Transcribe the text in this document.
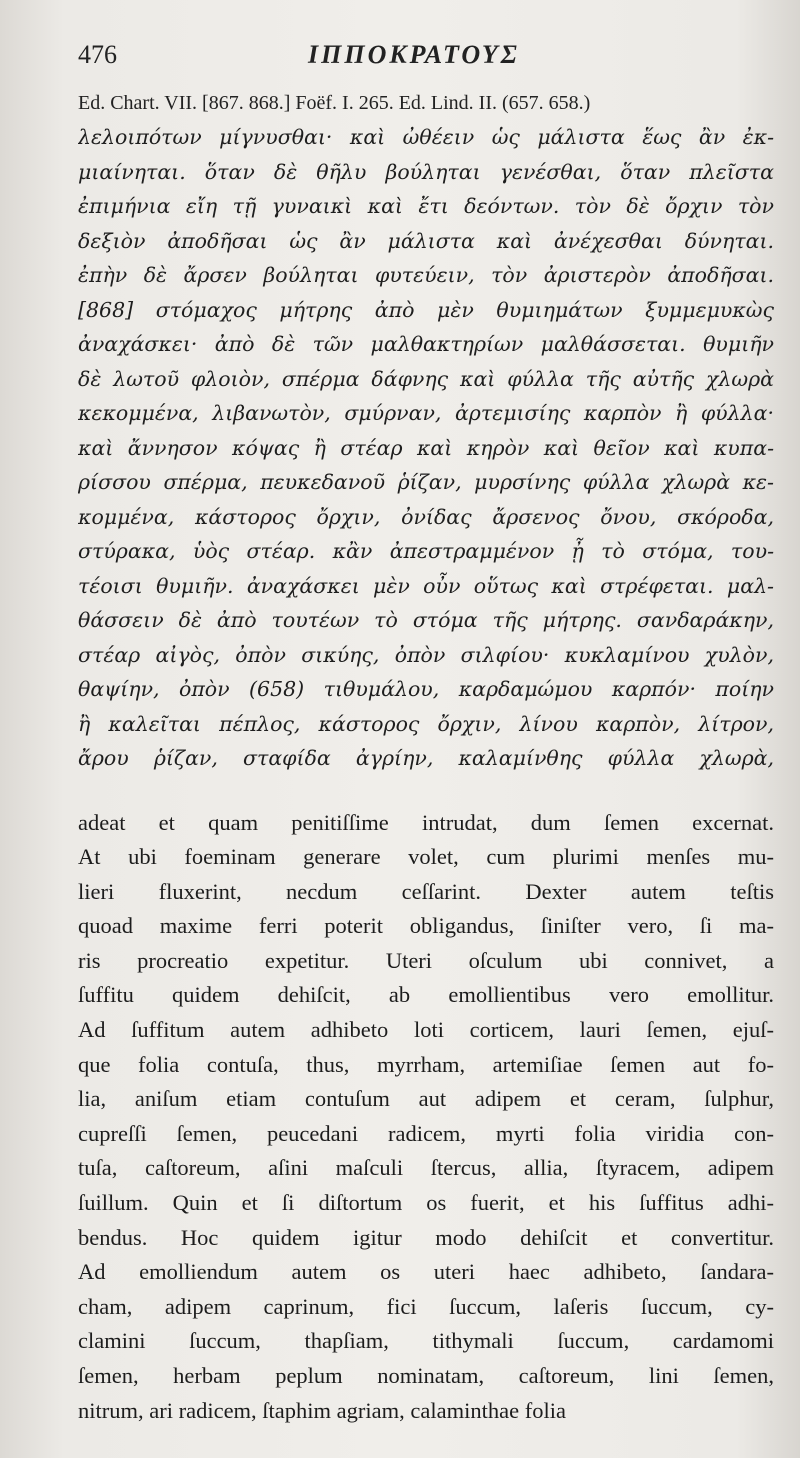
476	ΙΠΠΟΚΡΑΤΟΥΣ
Ed. Chart. VII. [867. 868.] Foëf. I. 265. Ed. Lind. II. (657. 658.)
λελοιπότων μίγνυσθαι· καὶ ὠθέειν ὡς μάλιστα ἕως ἂν ἐκ-
μιαίνηται. ὅταν δὲ θῆλυ βούληται γενέσθαι, ὅταν πλεῖστα
ἐπιμήνια εἴη τῇ γυναικὶ καὶ ἔτι δεόντων. τὸν δὲ ὄρχιν τὸν
δεξιὸν ἀποδῆσαι ὡς ἂν μάλιστα καὶ ἀνέχεσθαι δύνηται.
ἐπὴν δὲ ἄρσεν βούληται φυτεύειν, τὸν ἀριστερὸν ἀποδῆσαι.
[868] στόμαχος μήτρης ἀπὸ μὲν θυμιημάτων ξυμμεμυκὼς
ἀναχάσκει· ἀπὸ δὲ τῶν μαλθακτηρίων μαλθάσσεται. θυμιῆν
δὲ λωτοῦ φλοιὸν, σπέρμα δάφνης καὶ φύλλα τῆς αὐτῆς χλωρὰ
κεκομμένα, λιβανωτὸν, σμύρναν, ἀρτεμισίης καρπὸν ἢ φύλλα·
καὶ ἄννησον κόψας ἢ στέαρ καὶ κηρὸν καὶ θεῖον καὶ κυπα-
ρίσσου σπέρμα, πευκεδανοῦ ῥίζαν, μυρσίνης φύλλα χλωρὰ κε-
κομμένα, κάστορος ὄρχιν, ὀνίδας ἄρσενος ὄνου, σκόροδα,
στύρακα, ὑὸς στέαρ. κἂν ἀπεστραμμένον ᾖ τὸ στόμα, του-
τέοισι θυμιῆν. ἀναχάσκει μὲν οὖν οὕτως καὶ στρέφεται. μαλ-
θάσσειν δὲ ἀπὸ τουτέων τὸ στόμα τῆς μήτρης. σανδαράκην,
στέαρ αἰγὸς, ὀπὸν σικύης, ὀπὸν σιλφίου· κυκλαμίνου χυλὸν,
θαψίην, ὀπὸν (658) τιθυμάλου, καρδαμώμου καρπόν· ποίην
ἢ καλεῖται πέπλος, κάστορος ὄρχιν, λίνου καρπὸν, λίτρον,
ἄρου ῥίζαν, σταφίδα ἀγρίην, καλαμίνθης φύλλα χλωρὰ,
adeat et quam penitiſſime intrudat, dum ſemen excernat.
At ubi foeminam generare volet, cum plurimi menſes mu-
lieri fluxerint, necdum ceſſarint. Dexter autem teſtis
quoad maxime ferri poterit obligandus, ſiniſter vero, ſi ma-
ris procreatio expetitur. Uteri oſculum ubi connivet, a
ſuffitu quidem dehiſcit, ab emollientibus vero emollitur.
Ad ſuffitum autem adhibeto loti corticem, lauri ſemen, ejuſ-
que folia contuſa, thus, myrrham, artemiſiae ſemen aut fo-
lia, aniſum etiam contuſum aut adipem et ceram, ſulphur,
cupreſſi ſemen, peucedani radicem, myrti folia viridia con-
tuſa, caſtoreum, aſini maſculi ſtercus, allia, ſtyracem, adipem
ſuillum. Quin et ſi diſtortum os fuerit, et his ſuffitus adhi-
bendus. Hoc quidem igitur modo dehiſcit et convertitur.
Ad emolliendum autem os uteri haec adhibeto, ſandara-
cham, adipem caprinum, fici ſuccum, laſeris ſuccum, cy-
clamini ſuccum, thapſiam, tithymali ſuccum, cardamomi
ſemen, herbam peplum nominatam, caſtoreum, lini ſemen,
nitrum, ari radicem, ſtaphim agriam, calaminthae folia
